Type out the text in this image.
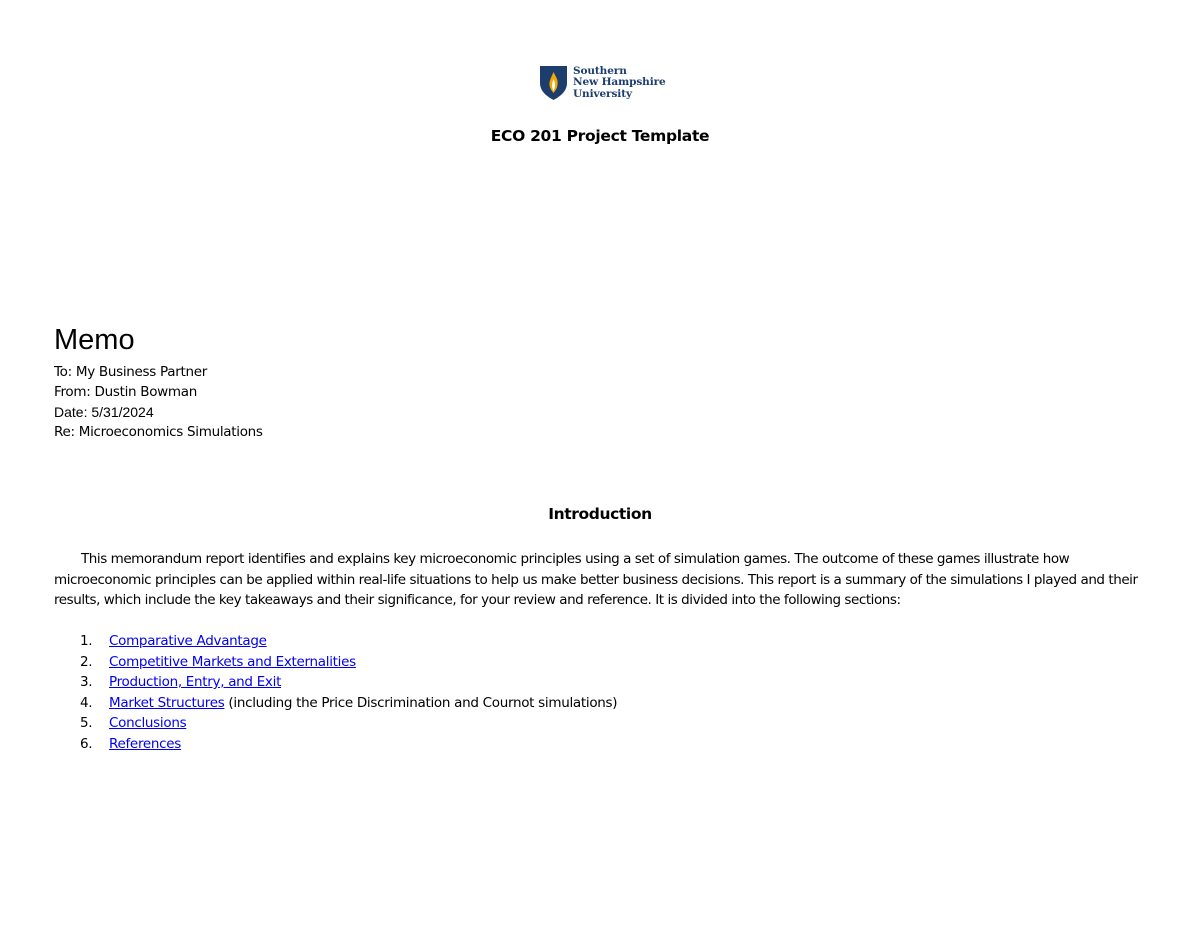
Southern
New Hampshire
University
ECO 201 Project Template
Memo
To: My Business Partner
From: Dustin Bowman
Date: 5/31/2024
Re: Microeconomics Simulations
Introduction
This memorandum report identifies and explains key microeconomic principles using a set of simulation games. The outcome of these games illustrate how microeconomic principles can be applied within real-life situations to help us make better business decisions. This report is a summary of the simulations I played and their results, which include the key takeaways and their significance, for your review and reference. It is divided into the following sections:
1. Comparative Advantage
2. Competitive Markets and Externalities
3. Production, Entry, and Exit
4. Market Structures (including the Price Discrimination and Cournot simulations)
5. Conclusions
6. References
